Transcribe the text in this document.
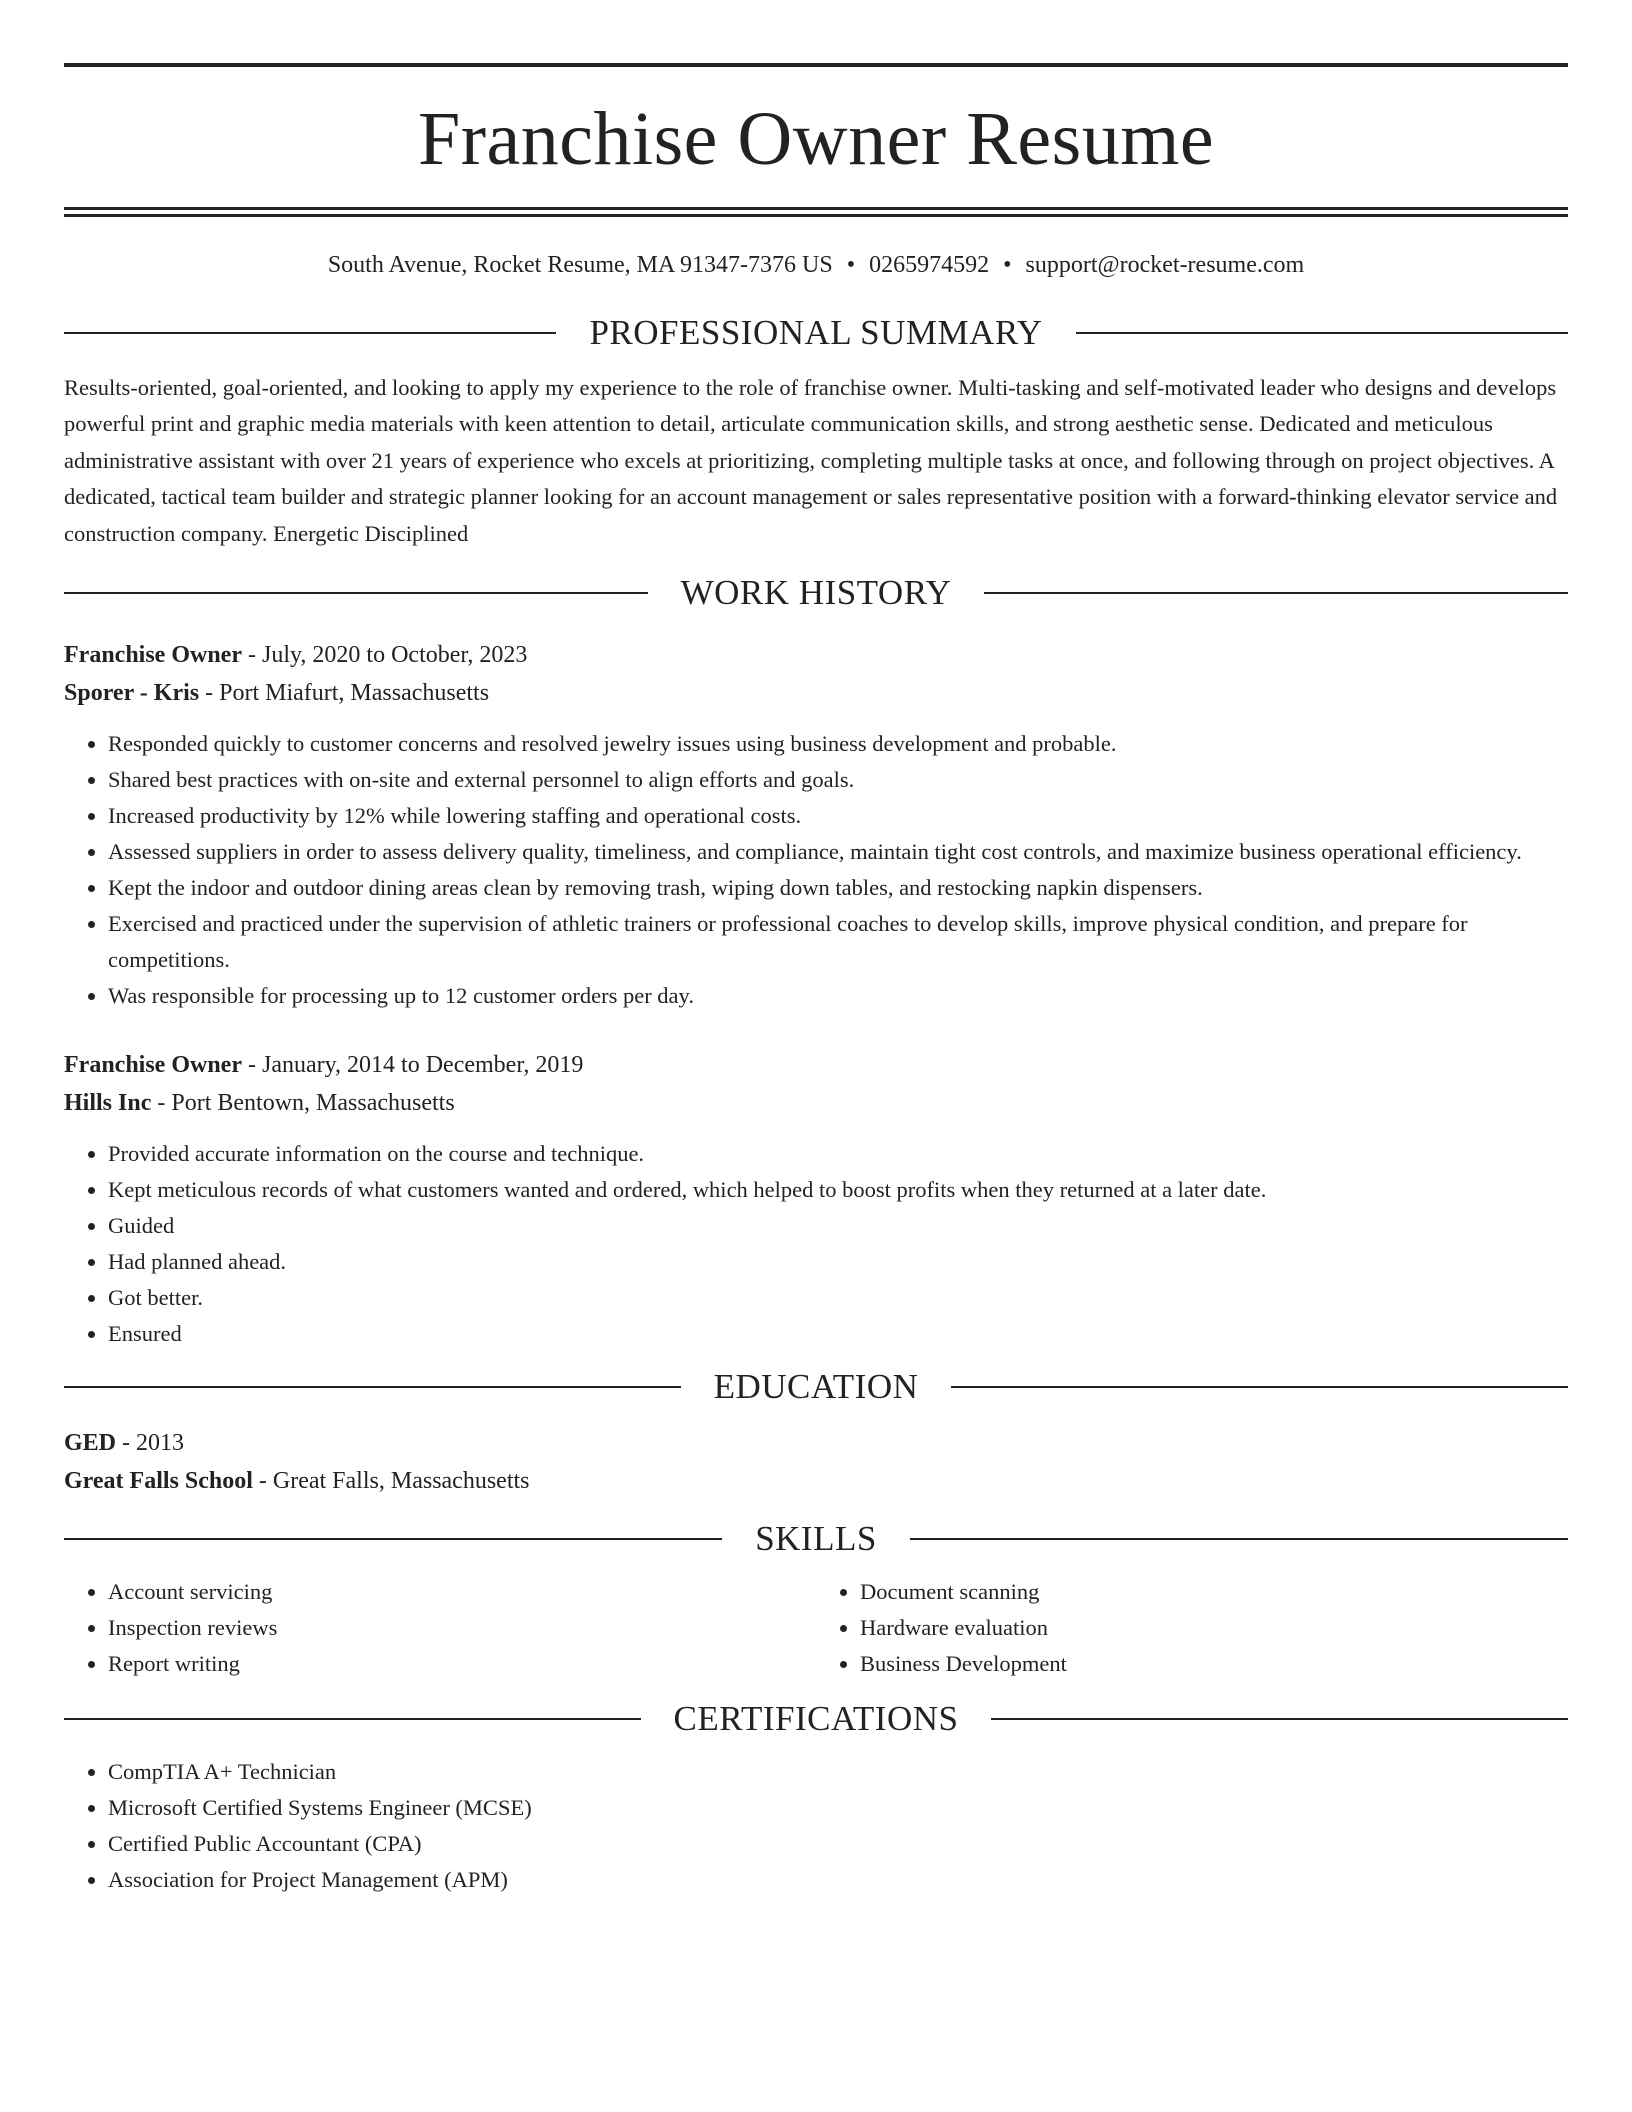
Franchise Owner Resume
South Avenue, Rocket Resume, MA 91347-7376 US • 0265974592 • support@rocket-resume.com
PROFESSIONAL SUMMARY

Results-oriented, goal-oriented, and looking to apply my experience to the role of franchise owner. Multi-tasking and self-motivated leader who designs and develops powerful print and graphic media materials with keen attention to detail, articulate communication skills, and strong aesthetic sense. Dedicated and meticulous administrative assistant with over 21 years of experience who excels at prioritizing, completing multiple tasks at once, and following through on project objectives. A dedicated, tactical team builder and strategic planner looking for an account management or sales representative position with a forward-thinking elevator service and construction company. Energetic Disciplined

WORK HISTORY
Franchise Owner - July, 2020 to October, 2023
Sporer - Kris - Port Miafurt, Massachusetts
• Responded quickly to customer concerns and resolved jewelry issues using business development and probable.
• Shared best practices with on-site and external personnel to align efforts and goals.
• Increased productivity by 12% while lowering staffing and operational costs.
• Assessed suppliers in order to assess delivery quality, timeliness, and compliance, maintain tight cost controls, and maximize business operational efficiency.
• Kept the indoor and outdoor dining areas clean by removing trash, wiping down tables, and restocking napkin dispensers.
• Exercised and practiced under the supervision of athletic trainers or professional coaches to develop skills, improve physical condition, and prepare for competitions.
• Was responsible for processing up to 12 customer orders per day.
Franchise Owner - January, 2014 to December, 2019
Hills Inc - Port Bentown, Massachusetts
• Provided accurate information on the course and technique.
• Kept meticulous records of what customers wanted and ordered, which helped to boost profits when they returned at a later date.
• Guided
• Had planned ahead.
• Got better.
• Ensured
EDUCATION
GED - 2013
Great Falls School - Great Falls, Massachusetts
SKILLS
• Account servicing
• Inspection reviews
• Report writing
• Document scanning
• Hardware evaluation
• Business Development
CERTIFICATIONS
• CompTIA A+ Technician
• Microsoft Certified Systems Engineer (MCSE)
• Certified Public Accountant (CPA)
• Association for Project Management (APM)
